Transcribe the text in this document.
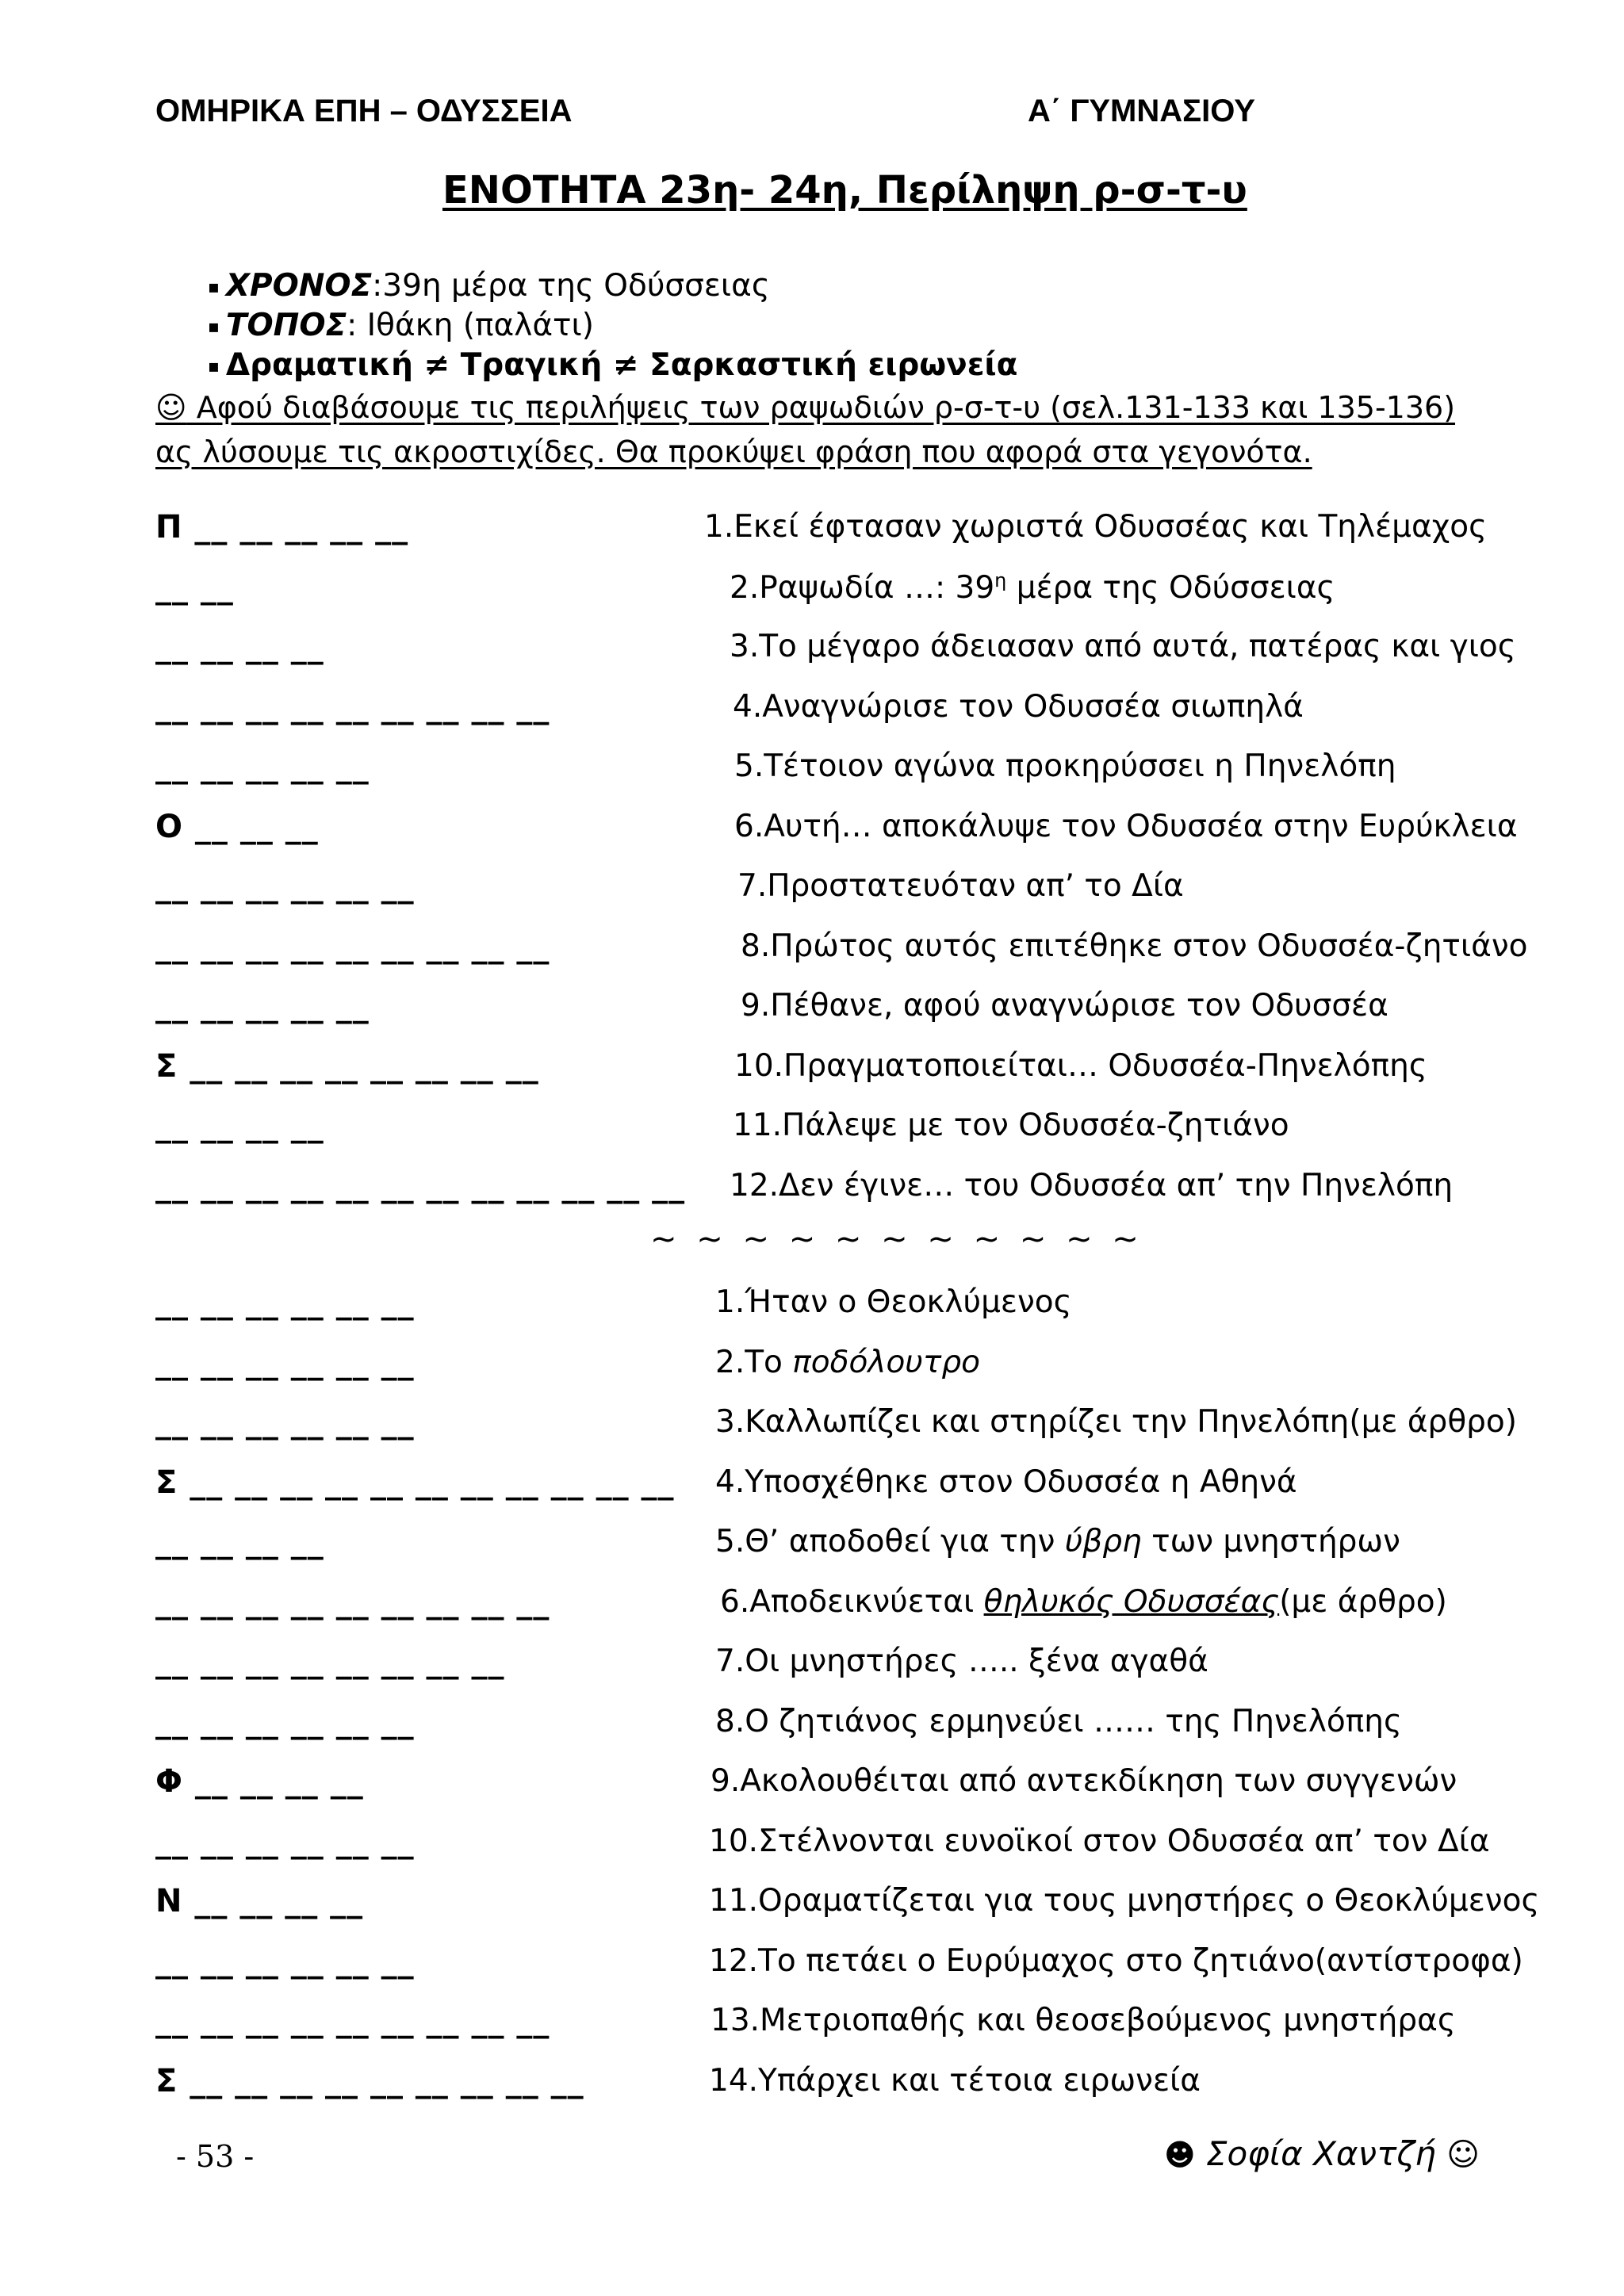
ΟΜΗΡΙΚΑ ΕΠΗ – ΟΔΥΣΣΕΙΑ	Α΄ ΓΥΜΝΑΣΙΟΥ
ΕΝΟΤΗΤΑ 23η- 24η, Περίληψη ρ-σ-τ-υ
▪ ΧΡΟΝΟΣ:39η μέρα της Οδύσσειας
▪ ΤΟΠΟΣ: Ιθάκη (παλάτι)
▪ Δραματική ≠ Τραγική ≠ Σαρκαστική ειρωνεία
☺ Αφού διαβάσουμε τις περιλήψεις των ραψωδιών ρ-σ-τ-υ (σελ.131-133 και 135-136) ας λύσουμε τις ακροστιχίδες. Θα προκύψει φράση που αφορά στα γεγονότα.
Π __ __ __ __ __	1.Εκεί έφτασαν χωριστά Οδυσσέας και Τηλέμαχος
__ __	2.Ραψωδία …: $39^\eta$ μέρα της Οδύσσειας
__ __ __ __	3.Το μέγαρο άδειασαν από αυτά, πατέρας και γιος
__ __ __ __ __ __ __ __ __	4.Αναγνώρισε τον Οδυσσέα σιωπηλά
__ __ __ __ __	5.Τέτοιον αγώνα προκηρύσσει η Πηνελόπη
Ο __ __ __	6.Αυτή… αποκάλυψε τον Οδυσσέα στην Ευρύκλεια
__ __ __ __ __ __	7.Προστατευόταν απ’ το Δία
__ __ __ __ __ __ __ __ __	8.Πρώτος αυτός επιτέθηκε στον Οδυσσέα-ζητιάνο
__ __ __ __ __	9.Πέθανε, αφού αναγνώρισε τον Οδυσσέα
Σ __ __ __ __ __ __ __ __	10.Πραγματοποιείται… Οδυσσέα-Πηνελόπης
__ __ __ __	11.Πάλεψε με τον Οδυσσέα-ζητιάνο
__ __ __ __ __ __ __ __ __ __ __ __ 12.Δεν έγινε… του Οδυσσέα απ’ την Πηνελόπη
~ ~ ~ ~ ~ ~ ~ ~ ~ ~ ~
__ __ __ __ __ __	1.Ήταν ο Θεοκλύμενος
__ __ __ __ __ __	2.Το ποδόλουτρο
__ __ __ __ __ __	3.Καλλωπίζει και στηρίζει την Πηνελόπη(με άρθρο)
Σ __ __ __ __ __ __ __ __ __ __ __ 4.Υποσχέθηκε στον Οδυσσέα η Αθηνά
__ __ __ __	5.Θ’ αποδοθεί για την ύβρη των μνηστήρων
__ __ __ __ __ __ __ __ __	6.Αποδεικνύεται θηλυκός Οδυσσέας(με άρθρο)
__ __ __ __ __ __ __ __	7.Οι μνηστήρες ….. ξένα αγαθά
__ __ __ __ __ __	8.Ο ζητιάνος ερμηνεύει …… της Πηνελόπης
Φ __ __ __ __	9.Ακολουθέιται από αντεκδίκηση των συγγενών
__ __ __ __ __ __	10.Στέλνονται ευνοϊκοί στον Οδυσσέα απ’ τον Δία
Ν __ __ __ __	11.Οραματίζεται για τους μνηστήρες ο Θεοκλύμενος
__ __ __ __ __ __	12.Το πετάει ο Ευρύμαχος στο ζητιάνο(αντίστροφα)
__ __ __ __ __ __ __ __ __	13.Μετριοπαθής και θεοσεβούμενος μνηστήρας
Σ __ __ __ __ __ __ __ __ __	14.Υπάρχει και τέτοια ειρωνεία
- 53 -	☻ Σοφία Χαντζή ☺
